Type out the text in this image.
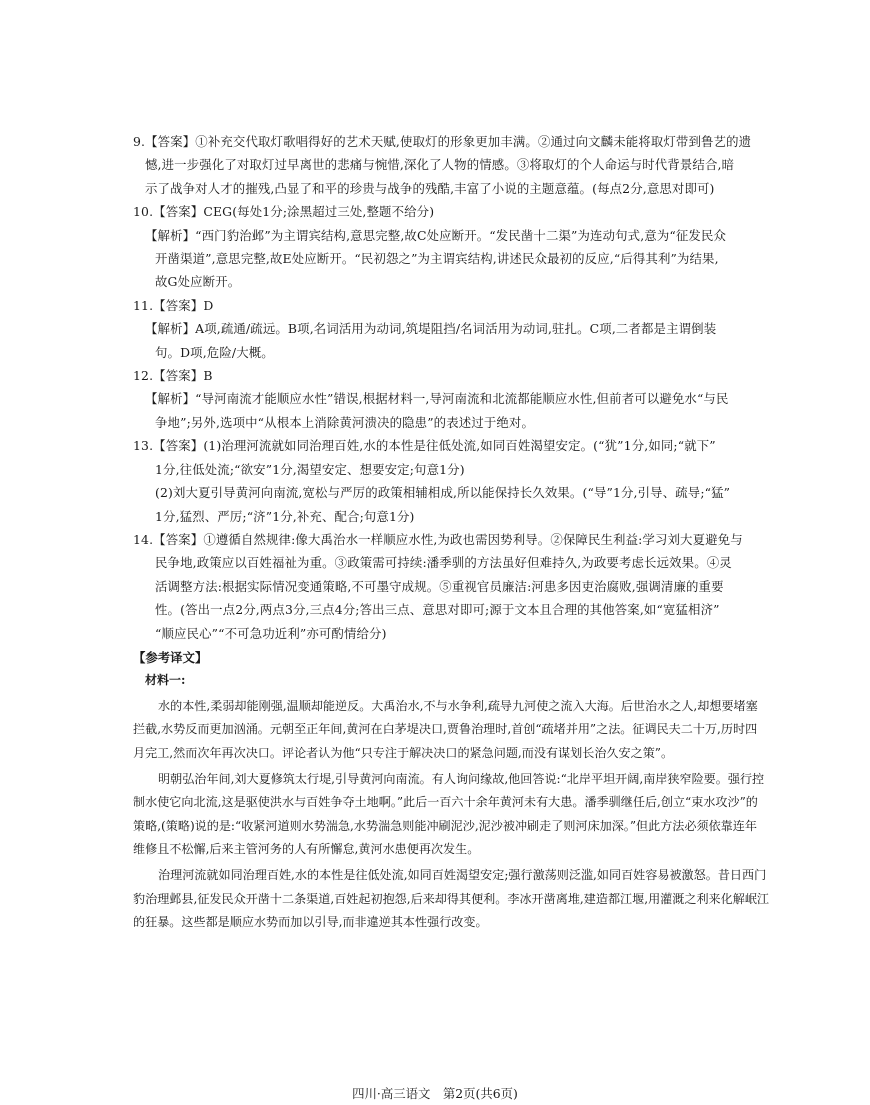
9.【答案】①补充交代取灯歌唱得好的艺术天赋,使取灯的形象更加丰满。②通过向文麟未能将取灯带到鲁艺的遗
憾,进一步强化了对取灯过早离世的悲痛与惋惜,深化了人物的情感。③将取灯的个人命运与时代背景结合,暗
示了战争对人才的摧残,凸显了和平的珍贵与战争的残酷,丰富了小说的主题意蕴。(每点2分,意思对即可)
10.【答案】CEG(每处1分;涂黑超过三处,整题不给分)
【解析】“西门豹治邺”为主谓宾结构,意思完整,故C处应断开。“发民凿十二渠”为连动句式,意为“征发民众
开凿渠道”,意思完整,故E处应断开。“民初怨之”为主谓宾结构,讲述民众最初的反应,“后得其利”为结果,
故G处应断开。
11.【答案】D
【解析】A项,疏通/疏远。B项,名词活用为动词,筑堤阻挡/名词活用为动词,驻扎。C项,二者都是主谓倒装
句。D项,危险/大概。
12.【答案】B
【解析】“导河南流才能顺应水性”错误,根据材料一,导河南流和北流都能顺应水性,但前者可以避免水“与民
争地”;另外,选项中“从根本上消除黄河溃决的隐患”的表述过于绝对。
13.【答案】(1)治理河流就如同治理百姓,水的本性是往低处流,如同百姓渴望安定。(“犹”1分,如同;“就下”
1分,往低处流;“欲安”1分,渴望安定、想要安定;句意1分)
(2)刘大夏引导黄河向南流,宽松与严厉的政策相辅相成,所以能保持长久效果。(“导”1分,引导、疏导;“猛”
1分,猛烈、严厉;“济”1分,补充、配合;句意1分)
14.【答案】①遵循自然规律:像大禹治水一样顺应水性,为政也需因势利导。②保障民生利益:学习刘大夏避免与
民争地,政策应以百姓福祉为重。③政策需可持续:潘季驯的方法虽好但难持久,为政要考虑长远效果。④灵
活调整方法:根据实际情况变通策略,不可墨守成规。⑤重视官员廉洁:河患多因吏治腐败,强调清廉的重要
性。(答出一点2分,两点3分,三点4分;答出三点、意思对即可;源于文本且合理的其他答案,如“宽猛相济”
“顺应民心”“不可急功近利”亦可酌情给分)
【参考译文】
材料一:

水的本性,柔弱却能刚强,温顺却能逆反。大禹治水,不与水争利,疏导九河使之流入大海。后世治水之人,却想要堵塞拦截,水势反而更加汹涌。元朝至正年间,黄河在白茅堤决口,贾鲁治理时,首创“疏堵并用”之法。征调民夫二十万,历时四月完工,然而次年再次决口。评论者认为他“只专注于解决决口的紧急问题,而没有谋划长治久安之策”。

明朝弘治年间,刘大夏修筑太行堤,引导黄河向南流。有人询问缘故,他回答说:“北岸平坦开阔,南岸狭窄险要。强行控制水使它向北流,这是驱使洪水与百姓争夺土地啊。”此后一百六十余年黄河未有大患。潘季驯继任后,创立“束水攻沙”的策略,(策略)说的是:“收紧河道则水势湍急,水势湍急则能冲刷泥沙,泥沙被冲刷走了则河床加深。”但此方法必须依靠连年维修且不松懈,后来主管河务的人有所懈怠,黄河水患便再次发生。

治理河流就如同治理百姓,水的本性是往低处流,如同百姓渴望安定;强行激荡则泛滥,如同百姓容易被激怒。昔日西门豹治理邺县,征发民众开凿十二条渠道,百姓起初抱怨,后来却得其便利。李冰开凿离堆,建造都江堰,用灌溉之利来化解岷江的狂暴。这些都是顺应水势而加以引导,而非違逆其本性强行改变。

四川·高三语文　第2页(共6页)
